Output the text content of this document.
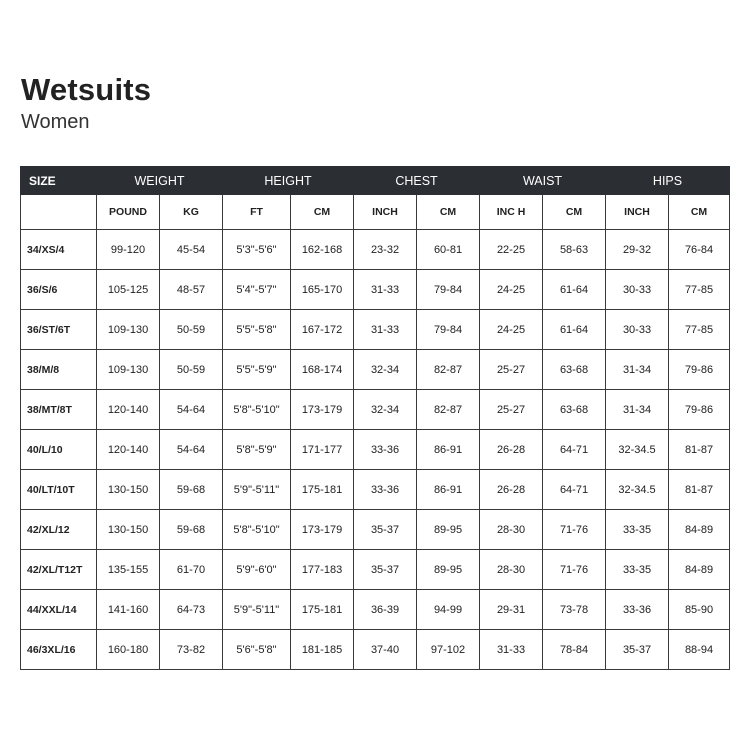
Wetsuits
Women
SIZE	WEIGHT		HEIGHT		CHEST		WAIST		HIPS	
	POUND	KG	FT	CM	INCH	CM	INC H	CM	INCH	CM
34/XS/4	99-120	45-54	5'3"-5'6"	162-168	23-32	60-81	22-25	58-63	29-32	76-84
36/S/6	105-125	48-57	5'4"-5'7"	165-170	31-33	79-84	24-25	61-64	30-33	77-85
36/ST/6T	109-130	50-59	5'5"-5'8"	167-172	31-33	79-84	24-25	61-64	30-33	77-85
38/M/8	109-130	50-59	5'5"-5'9"	168-174	32-34	82-87	25-27	63-68	31-34	79-86
38/MT/8T	120-140	54-64	5'8"-5'10"	173-179	32-34	82-87	25-27	63-68	31-34	79-86
40/L/10	120-140	54-64	5'8"-5'9"	171-177	33-36	86-91	26-28	64-71	32-34.5	81-87
40/LT/10T	130-150	59-68	5'9"-5'11"	175-181	33-36	86-91	26-28	64-71	32-34.5	81-87
42/XL/12	130-150	59-68	5'8"-5'10"	173-179	35-37	89-95	28-30	71-76	33-35	84-89
42/XL/T12T	135-155	61-70	5'9"-6'0"	177-183	35-37	89-95	28-30	71-76	33-35	84-89
44/XXL/14	141-160	64-73	5'9"-5'11"	175-181	36-39	94-99	29-31	73-78	33-36	85-90
46/3XL/16	160-180	73-82	5'6"-5'8"	181-185	37-40	97-102	31-33	78-84	35-37	88-94
